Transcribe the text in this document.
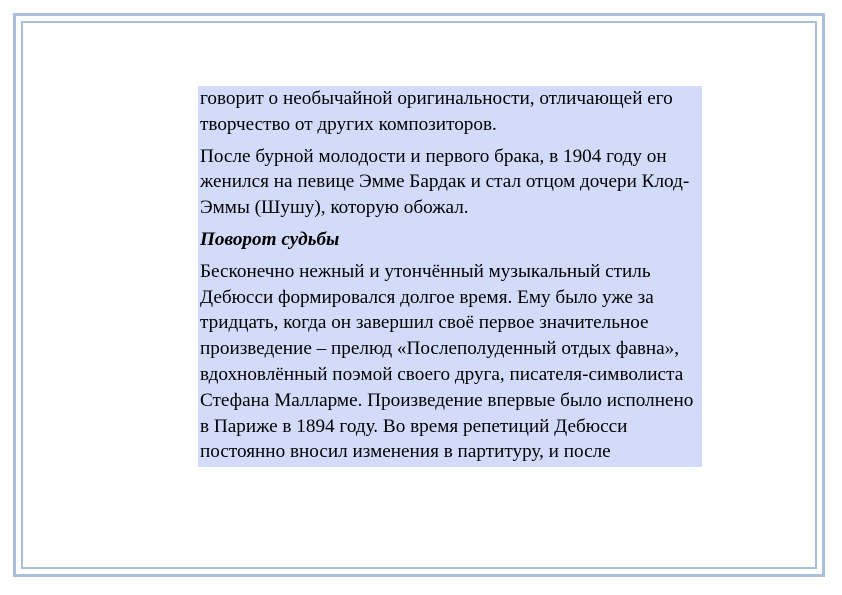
говорит о необычайной оригинальности, отличающей его творчество от других композиторов.

После бурной молодости и первого брака, в 1904 году он женился на певице Эмме Бардак и стал отцом дочери Клод-Эммы (Шушу), которую обожал.

Поворот судьбы

Бесконечно нежный и утончённый музыкальный стиль Дебюсси формировался долгое время. Ему было уже за тридцать, когда он завершил своё первое значительное произведение – прелюд «Послеполуденный отдых фавна», вдохновлённый поэмой своего друга, писателя-символиста Стефана Малларме. Произведение впервые было исполнено в Париже в 1894 году. Во время репетиций Дебюсси постоянно вносил изменения в партитуру, и после
